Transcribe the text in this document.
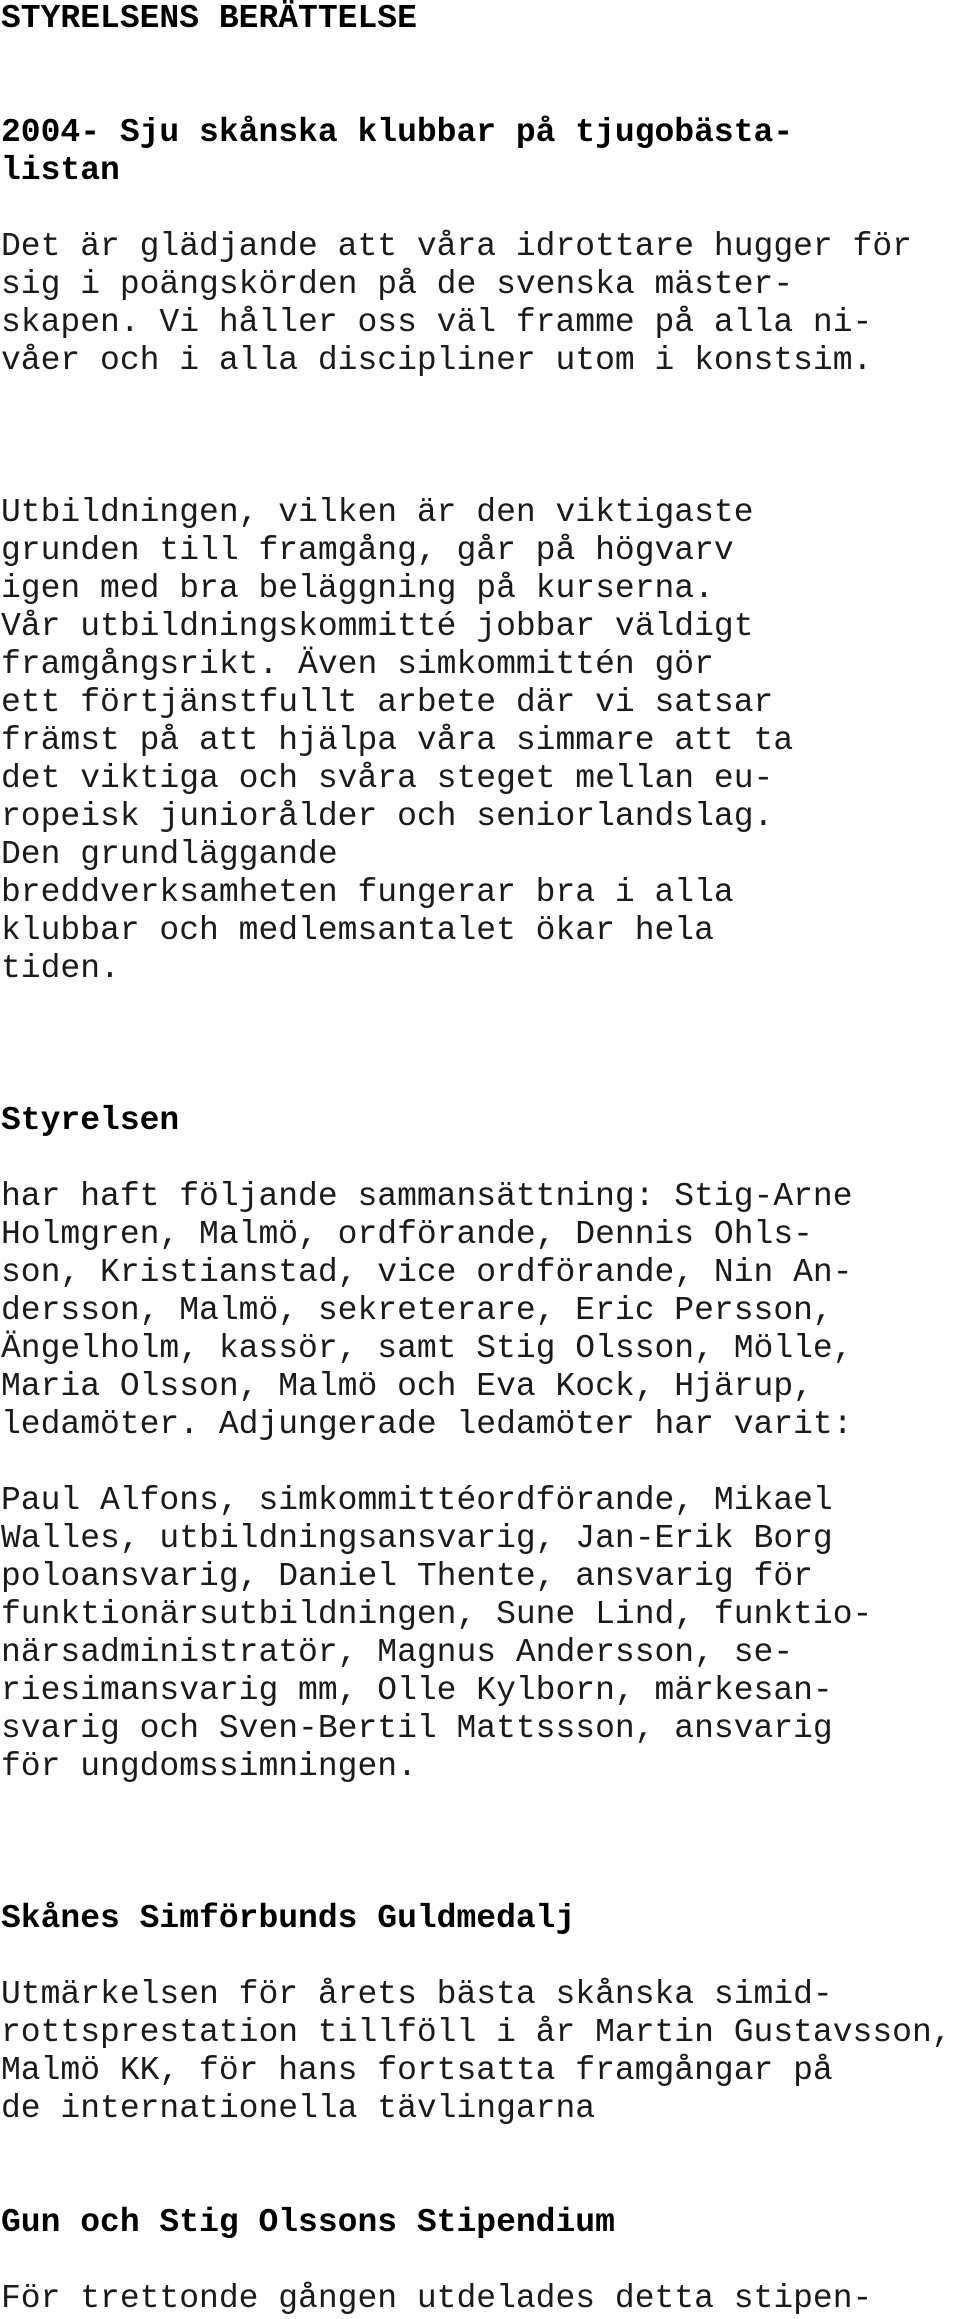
STYRELSENS BERÄTTELSE
2004- Sju skånska klubbar på tjugobästa-
listan
Det är glädjande att våra idrottare hugger för
sig i poängskörden på de svenska mäster-
skapen. Vi håller oss väl framme på alla ni-
våer och i alla discipliner utom i konstsim.
Utbildningen, vilken är den viktigaste
grunden till framgång, går på högvarv
igen med bra beläggning på kurserna.
Vår utbildningskommitté jobbar väldigt
framgångsrikt. Även simkommittén gör
ett förtjänstfullt arbete där vi satsar
främst på att hjälpa våra simmare att ta
det viktiga och svåra steget mellan eu-
ropeisk juniorålder och seniorlandslag.
Den grundläggande
breddverksamheten fungerar bra i alla
klubbar och medlemsantalet ökar hela
tiden.
Styrelsen
har haft följande sammansättning: Stig-Arne
Holmgren, Malmö, ordförande, Dennis Ohls-
son, Kristianstad, vice ordförande, Nin An-
dersson, Malmö, sekreterare, Eric Persson,
Ängelholm, kassör, samt Stig Olsson, Mölle,
Maria Olsson, Malmö och Eva Kock, Hjärup,
ledamöter. Adjungerade ledamöter har varit:
Paul Alfons, simkommittéordförande, Mikael
Walles, utbildningsansvarig, Jan-Erik Borg
poloansvarig, Daniel Thente, ansvarig för
funktionärsutbildningen, Sune Lind, funktio-
närsadministratör, Magnus Andersson, se-
riesimansvarig mm, Olle Kylborn, märkesan-
svarig och Sven-Bertil Mattssson, ansvarig
för ungdomssimningen.
Skånes Simförbunds Guldmedalj
Utmärkelsen för årets bästa skånska simid-
rottsprestation tillföll i år Martin Gustavsson,
Malmö KK, för hans fortsatta framgångar på
de internationella tävlingarna
Gun och Stig Olssons Stipendium
För trettonde gången utdelades detta stipen-
